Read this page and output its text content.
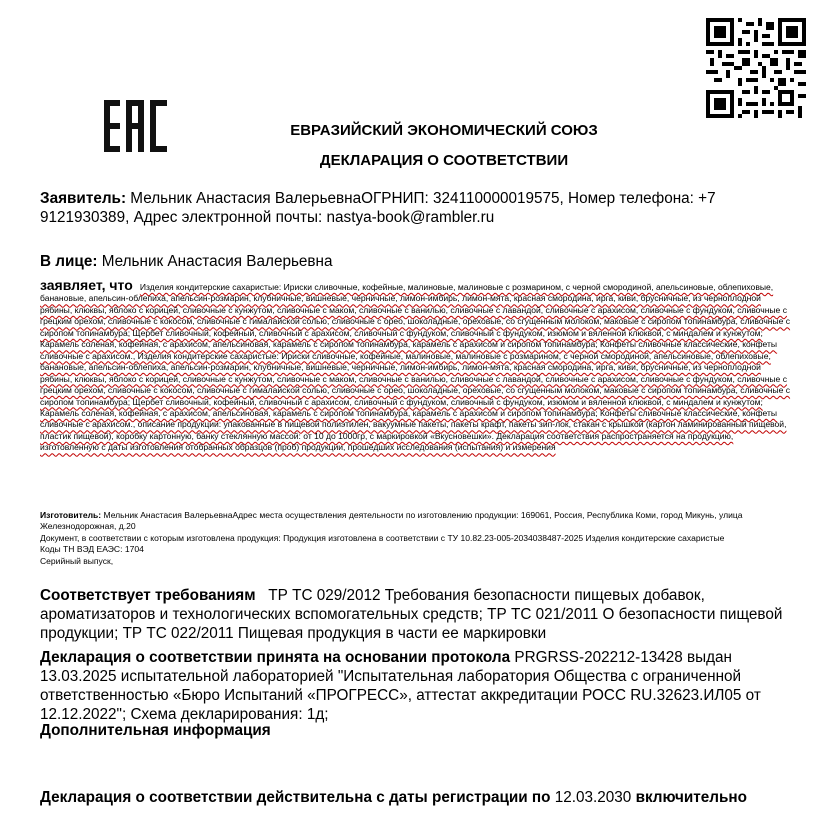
ЕВРАЗИЙСКИЙ ЭКОНОМИЧЕСКИЙ СОЮЗ
ДЕКЛАРАЦИЯ О СООТВЕТСТВИИ
Заявитель: Мельник Анастасия ВалерьевнаОГРНИП: 324110000019575, Номер телефона: +7 9121930389, Адрес электронной почты: nastya-book@rambler.ru
В лице: Мельник Анастасия Валерьевна
заявляет, что Изделия кондитерские сахаристые: Ириски сливочные, кофейные, малиновые, малиновые с розмарином, с черной смородиной, апельсиновые, облепиховые, банановые, апельсин-облепиха, апельсин-розмарин, клубничные, вишневые, черничные, лимон-имбирь, лимон-мята, красная смородина, ирга, киви, брусничные, из черноплодной рябины, клюквы, яблоко с корицей, сливочные с кунжутом, сливочные с маком, сливочные с ванилью, сливочные с лавандой, сливочные с арахисом, сливочные с фундуком, сливочные с грецким орехом, сливочные с кокосом, сливочные с гималайской солью, сливочные с орео, шоколадные, ореховые, со сгущенным молоком, маковые с сиропом топинамбура, сливочные с сиропом топинамбура; Щербет сливочный, кофейный, сливочный с арахисом, сливочный с фундуком, сливочный с фундуком, изюмом и вяленной клюквой, с миндалем и кунжутом; Карамель соленая, кофейная, с арахисом, апельсиновая, карамель с сиропом топинамбура, карамель с арахисом и сиропом топинамбура; Конфеты сливочные классические, конфеты сливочные с арахисом., Изделия кондитерские сахаристые: Ириски сливочные, кофейные, малиновые, малиновые с розмарином, с черной смородиной, апельсиновые, облепиховые, банановые, апельсин-облепиха, апельсин-розмарин, клубничные, вишневые, черничные, лимон-имбирь, лимон-мята, красная смородина, ирга, киви, брусничные, из черноплодной рябины, клюквы, яблоко с корицей, сливочные с кунжутом, сливочные с маком, сливочные с ванилью, сливочные с лавандой, сливочные с арахисом, сливочные с фундуком, сливочные с грецким орехом, сливочные с кокосом, сливочные с гималайской солью, сливочные с орео, шоколадные, ореховые, со сгущенным молоком, маковые с сиропом топинамбура, сливочные с сиропом топинамбура; Щербет сливочный, кофейный, сливочный с арахисом, сливочный с фундуком, сливочный с фундуком, изюмом и вяленной клюквой, с миндалем и кунжутом; Карамель соленая, кофейная, с арахисом, апельсиновая, карамель с сиропом топинамбура, карамель с арахисом и сиропом топинамбура; Конфеты сливочные классические, конфеты сливочные с арахисом., описание продукции: упакованные в пищевой полиэтилен, вакуумные пакеты, пакеты крафт, пакеты зип-лок, стакан с крышкой (картон ламинированный пищевой, пластик пищевой), коробку картонную, банку стеклянную массой: от 10 до 1000гр, с маркировкой «Вкусновешки». Декларация соответствия распространяется на продукцию, изготовленную с даты изготовления отобранных образцов (проб) продукции, прошедших исследования (испытания) и измерения
Изготовитель: Мельник Анастасия ВалерьевнаАдрес места осуществления деятельности по изготовлению продукции: 169061, Россия, Республика Коми, город Микунь, улица Железнодорожная, д.20
Документ, в соответствии с которым изготовлена продукция: Продукция изготовлена в соответствии с ТУ 10.82.23-005-2034038487-2025 Изделия кондитерские сахаристые
Коды ТН ВЭД ЕАЭС: 1704
Серийный выпуск,
Соответствует требованиям ТР ТС 029/2012 Требования безопасности пищевых добавок, ароматизаторов и технологических вспомогательных средств; ТР ТС 021/2011 О безопасности пищевой продукции; ТР ТС 022/2011 Пищевая продукция в части ее маркировки
Декларация о соответствии принята на основании протокола PRGRSS-202212-13428 выдан 13.03.2025 испытательной лабораторией "Испытательная лаборатория Общества с ограниченной ответственностью «Бюро Испытаний «ПРОГРЕСС», аттестат аккредитации РОСС RU.32623.ИЛ05 от 12.12.2022"; Схема декларирования: 1д;
Дополнительная информация
Декларация о соответствии действительна с даты регистрации по 12.03.2030 включительно
